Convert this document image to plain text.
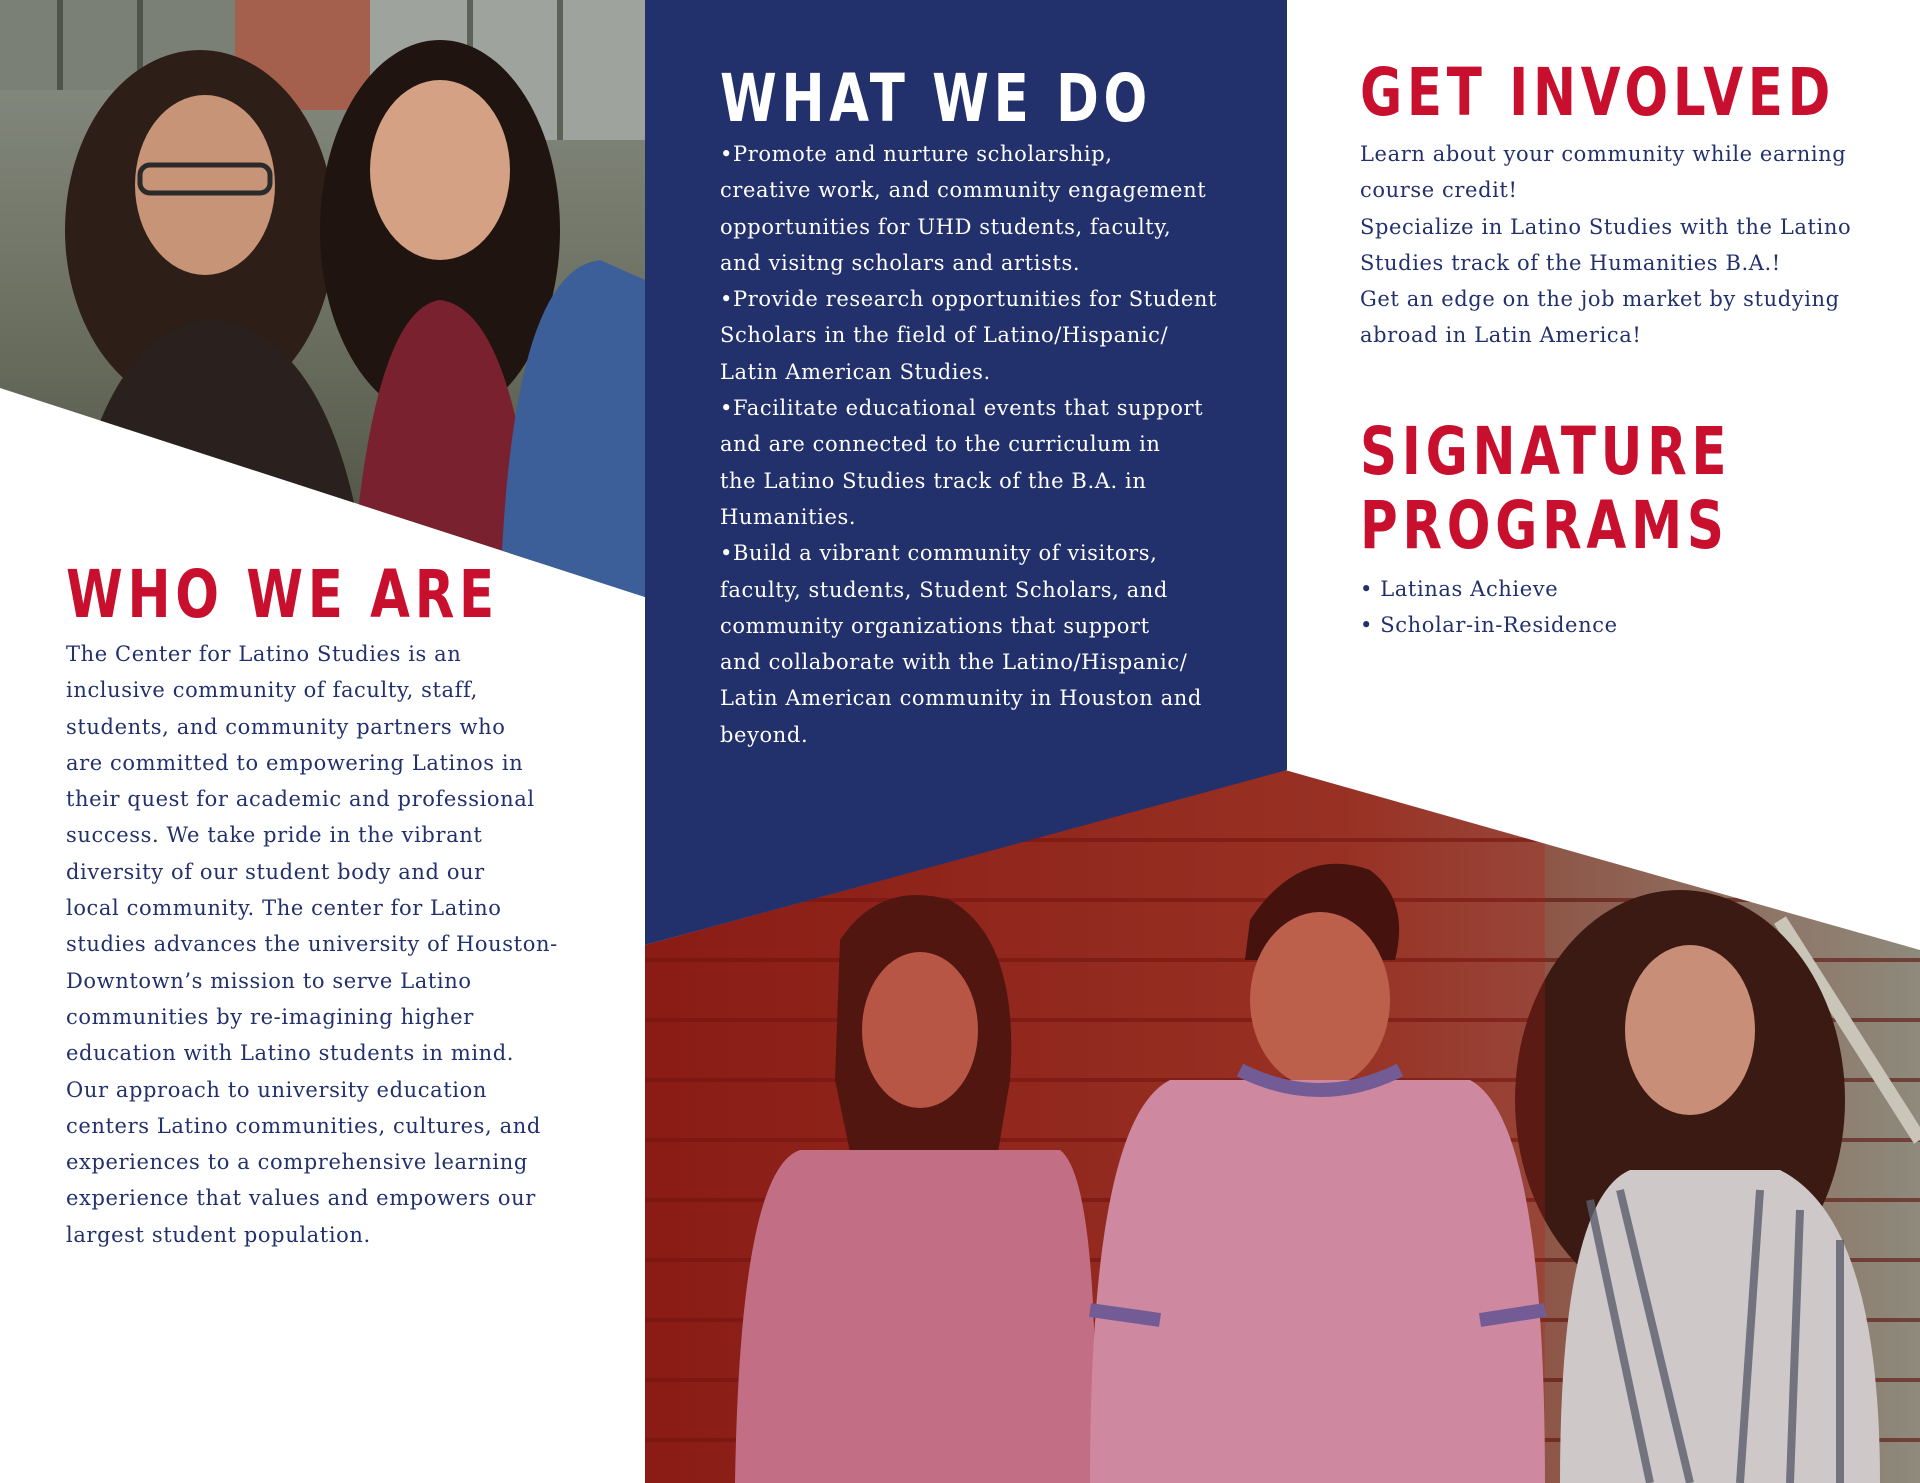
WHO WE ARE

The Center for Latino Studies is an

inclusive community of faculty, staff,

students, and community partners who

are committed to empowering Latinos in

their quest for academic and professional

success. We take pride in the vibrant

diversity of our student body and our

local community. The center for Latino

studies advances the university of Houston-

Downtown’s mission to serve Latino

communities by re-imagining higher

education with Latino students in mind.

Our approach to university education

centers Latino communities, cultures, and

experiences to a comprehensive learning

experience that values and empowers our

largest student population.

WHAT WE DO

•Promote and nurture scholarship,

creative work, and community engagement

opportunities for UHD students, faculty,

and visitng scholars and artists.

•Provide research opportunities for Student

Scholars in the field of Latino/Hispanic/

Latin American Studies.

•Facilitate educational events that support

and are connected to the curriculum in

the Latino Studies track of the B.A. in

Humanities.

•Build a vibrant community of visitors,

faculty, students, Student Scholars, and

community organizations that support

and collaborate with the Latino/Hispanic/

Latin American community in Houston and

beyond.

GET INVOLVED

Learn about your community while earning

course credit!

Specialize in Latino Studies with the Latino

Studies track of the Humanities B.A.!

Get an edge on the job market by studying

abroad in Latin America!

SIGNATURE
PROGRAMS

• Latinas Achieve

• Scholar-in-Residence
